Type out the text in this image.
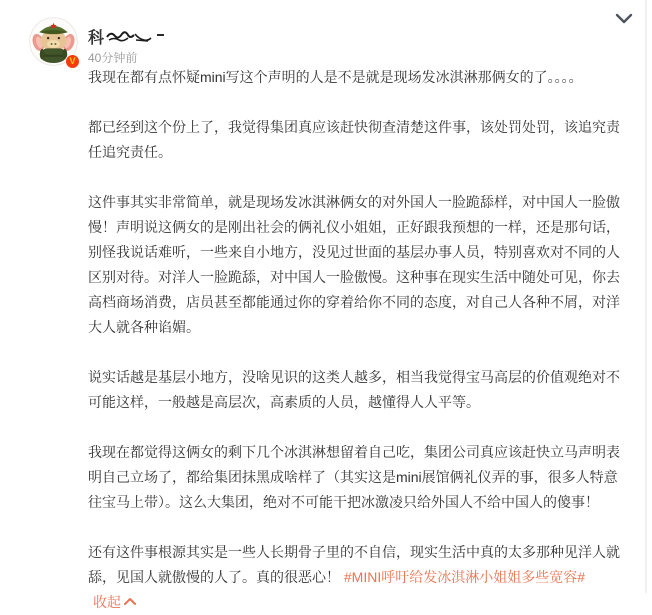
V
科
40分钟前

我现在都有点怀疑mini写这个声明的人是不是就是现场发冰淇淋那俩女的了。。。。

都已经到这个份上了，我觉得集团真应该赶快彻查清楚这件事，该处罚处罚，该追究责任追究责任。

这件事其实非常简单，就是现场发冰淇淋俩女的对外国人一脸跪舔样，对中国人一脸傲慢！声明说这俩女的是刚出社会的俩礼仪小姐姐，正好跟我预想的一样，还是那句话，别怪我说话难听，一些来自小地方，没见过世面的基层办事人员，特别喜欢对不同的人区别对待。对洋人一脸跪舔，对中国人一脸傲慢。这种事在现实生活中随处可见，你去高档商场消费，店员甚至都能通过你的穿着给你不同的态度，对自己人各种不屑，对洋大人就各种谄媚。

说实话越是基层小地方，没啥见识的这类人越多，相当我觉得宝马高层的价值观绝对不可能这样，一般越是高层次，高素质的人员，越懂得人人平等。

我现在都觉得这俩女的剩下几个冰淇淋想留着自己吃，集团公司真应该赶快立马声明表明自己立场了，都给集团抹黑成啥样了（其实这是mini展馆俩礼仪弄的事，很多人特意往宝马上带）。这么大集团，绝对不可能干把冰激凌只给外国人不给中国人的傻事！

还有这件事根源其实是一些人长期骨子里的不自信，现实生活中真的太多那种见洋人就舔，见国人就傲慢的人了。真的很恶心！ #MINI呼吁给发冰淇淋小姐姐多些宽容# 收起
